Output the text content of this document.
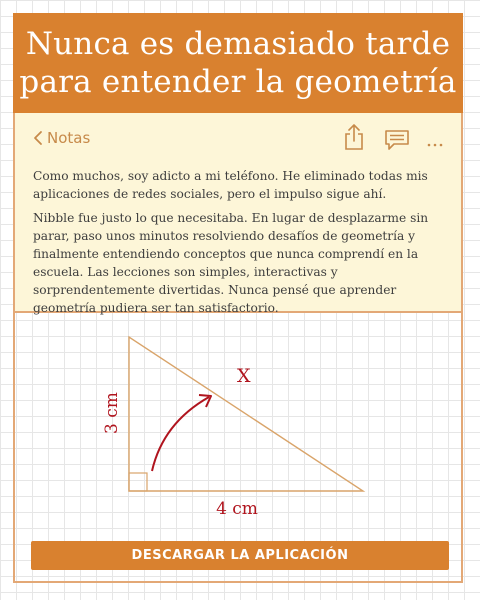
Nunca es demasiado tarde
para entender la geometría
Notas

Como muchos, soy adicto a mi teléfono. He eliminado todas mis aplicaciones de redes sociales, pero el impulso sigue ahí.

Nibble fue justo lo que necesitaba. En lugar de desplazarme sin parar, paso unos minutos resolviendo desafíos de geometría y finalmente entendiendo conceptos que nunca comprendí en la escuela. Las lecciones son simples, interactivas y sorprendentemente divertidas. Nunca pensé que aprender geometría pudiera ser tan satisfactorio.

X
3 cm
4 cm
DESCARGAR LA APLICACIÓN
